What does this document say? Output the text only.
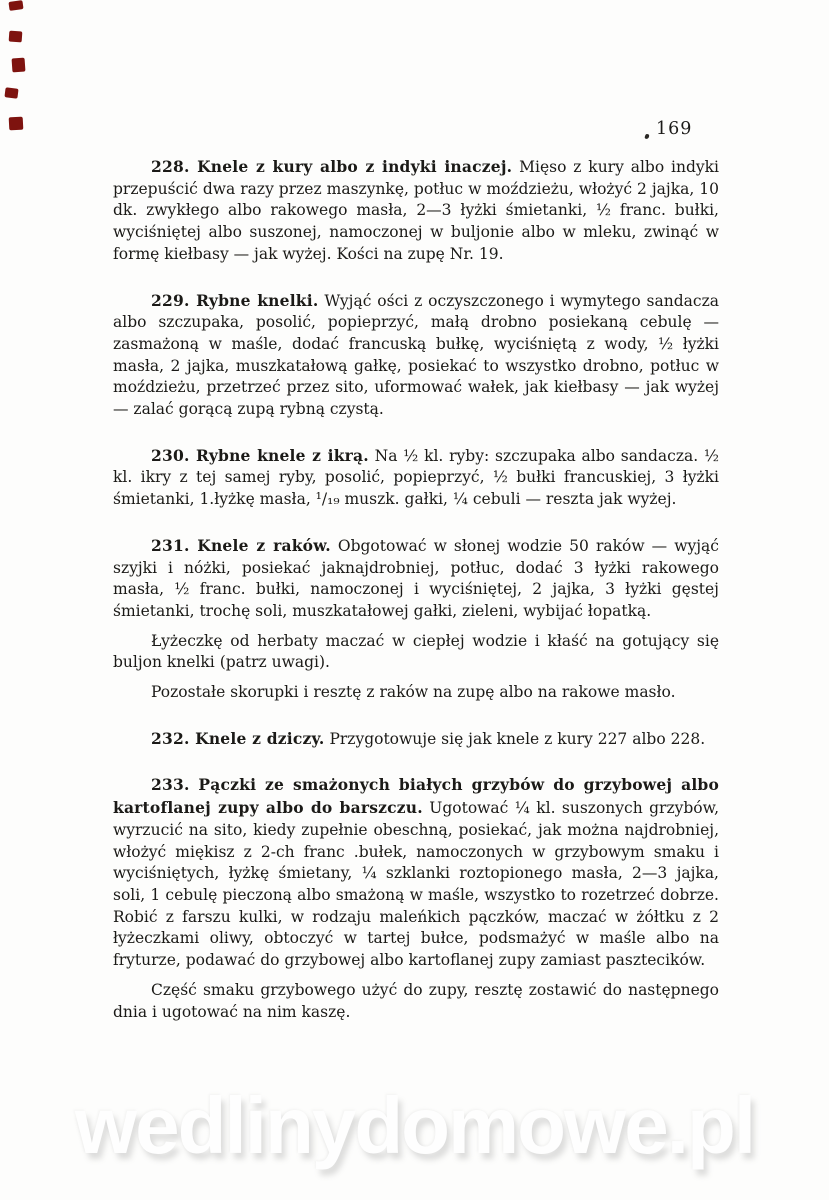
169

228. Knele z kury albo z indyki inaczej. Mięso z kury albo indyki przepuścić dwa razy przez maszynkę, potłuc w moździeżu, włożyć 2 jajka, 10 dk. zwykłego albo rakowego masła, 2—3 łyżki śmietanki, ½ franc. bułki, wyciśniętej albo suszonej, namoczonej w buljonie albo w mleku, zwinąć w formę kiełbasy — jak wyżej. Kości na zupę Nr. 19.

229. Rybne knelki. Wyjąć ości z oczyszczonego i wymytego sandacza albo szczupaka, posolić, popieprzyć, małą drobno posiekaną cebulę — zasmażoną w maśle, dodać francuską bułkę, wyciśniętą z wody, ½ łyżki masła, 2 jajka, muszkatałową gałkę, posiekać to wszystko drobno, potłuc w moździeżu, przetrzeć przez sito, uformować wałek, jak kiełbasy — jak wyżej — zalać gorącą zupą rybną czystą.

230. Rybne knele z ikrą. Na ½ kl. ryby: szczupaka albo sandacza. ½ kl. ikry z tej samej ryby, posolić, popieprzyć, ½ bułki francuskiej, 3 łyżki śmietanki, 1.łyżkę masła, ¹/₁₉ muszk. gałki, ¼ cebuli — reszta jak wyżej.

231. Knele z raków. Obgotować w słonej wodzie 50 raków — wyjąć szyjki i nóżki, posiekać jaknajdrobniej, potłuc, dodać 3 łyżki rakowego masła, ½ franc. bułki, namoczonej i wyciśniętej, 2 jajka, 3 łyżki gęstej śmietanki, trochę soli, muszkatałowej gałki, zieleni, wybijać łopatką.

Łyżeczkę od herbaty maczać w ciepłej wodzie i kłaść na gotujący się buljon knelki (patrz uwagi).

Pozostałe skorupki i resztę z raków na zupę albo na rakowe masło.

232. Knele z dziczy. Przygotowuje się jak knele z kury 227 albo 228.

233. Pączki ze smażonych białych grzybów do grzybowej albo kartoflanej zupy albo do barszczu. Ugotować ¼ kl. suszonych grzybów, wyrzucić na sito, kiedy zupełnie obeschną, posiekać, jak można najdrobniej, włożyć miękisz z 2-ch franc .bułek, namoczonych w grzybowym smaku i wyciśniętych, łyżkę śmietany, ¼ szklanki roztopionego masła, 2—3 jajka, soli, 1 cebulę pieczoną albo smażoną w maśle, wszystko to rozetrzeć dobrze. Robić z farszu kulki, w rodzaju maleńkich pączków, maczać w żółtku z 2 łyżeczkami oliwy, obtoczyć w tartej bułce, podsmażyć w maśle albo na fryturze, podawać do grzybowej albo kartoflanej zupy zamiast pasztecików.

Część smaku grzybowego użyć do zupy, resztę zostawić do następnego dnia i ugotować na nim kaszę.

wedlinydomowe.pl
